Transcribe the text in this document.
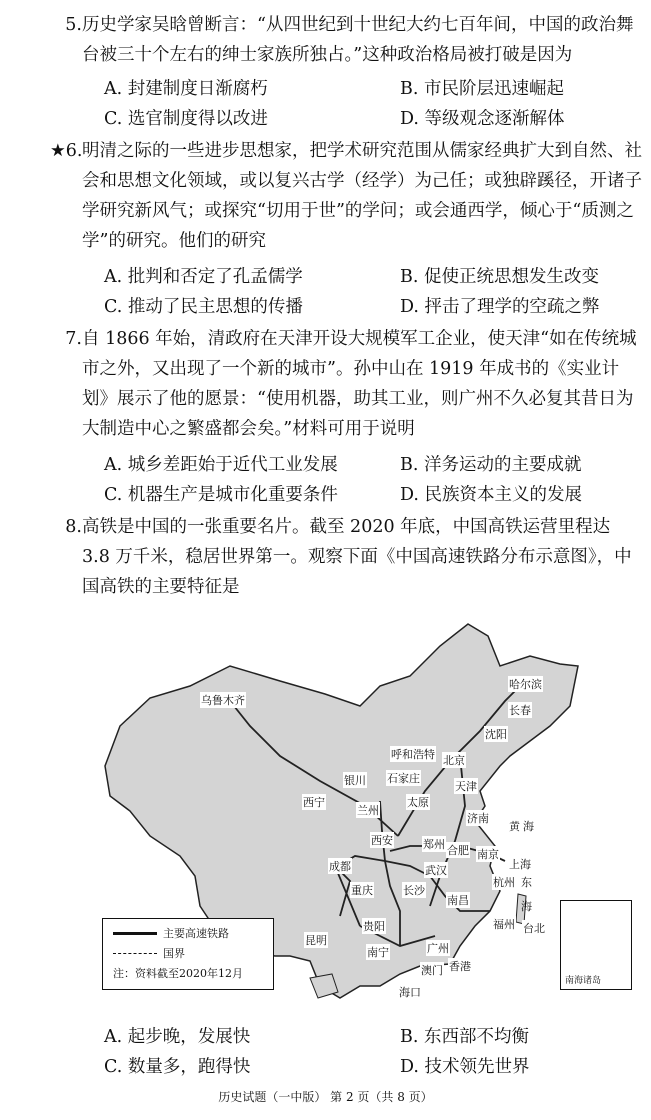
5. 历史学家吴晗曾断言：“从四世纪到十世纪大约七百年间，中国的政治舞台被三十个左右的绅士家族所独占。”这种政治格局被打破是因为

A. 封建制度日渐腐朽	B. 市民阶层迅速崛起
C. 选官制度得以改进	D. 等级观念逐渐解体
★6. 明清之际的一些进步思想家，把学术研究范围从儒家经典扩大到自然、社会和思想文化领域，或以复兴古学（经学）为己任；或独辟蹊径，开诸子学研究新风气；或探究“切用于世”的学问；或会通西学，倾心于“质测之学”的研究。他们的研究

A. 批判和否定了孔孟儒学	B. 促使正统思想发生改变
C. 推动了民主思想的传播	D. 抨击了理学的空疏之弊
7. 自 1866 年始，清政府在天津开设大规模军工企业，使天津“如在传统城市之外，又出现了一个新的城市”。孙中山在 1919 年成书的《实业计划》展示了他的愿景：“使用机器，助其工业，则广州不久必复其昔日为大制造中心之繁盛都会矣。”材料可用于说明

A. 城乡差距始于近代工业发展	B. 洋务运动的主要成就
C. 机器生产是城市化重要条件	D. 民族资本主义的发展
8. 高铁是中国的一张重要名片。截至 2020 年底，中国高铁运营里程达 3.8 万千米，稳居世界第一。观察下面《中国高速铁路分布示意图》，中国高铁的主要特征是

乌鲁木齐
哈尔滨
长春
沈阳
呼和浩特 北京
石家庄
天津
太原
银川
兰州
西宁
西安
济南
郑州 合肥 南京
上海
杭州
武汉
成都
重庆	长沙
南昌
福州
贵阳
昆明
南宁	广州
台北
香港
澳门
海口
黄 海
东
海
南海诸岛
主要高速铁路
国界
注：资料截至2020年12月
A. 起步晚，发展快	B. 东西部不均衡
C. 数量多，跑得快	D. 技术领先世界
历史试题（一中版） 第 2 页（共 8 页）
